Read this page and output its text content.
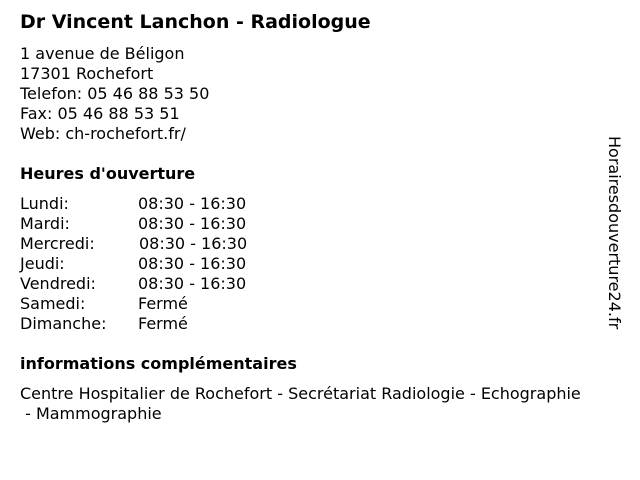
Dr Vincent Lanchon - Radiologue
1 avenue de Béligon
17301 Rochefort
Telefon: 05 46 88 53 50
Fax: 05 46 88 53 51
Web: ch-rochefort.fr/
Heures d'ouverture
Lundi:	08:30 - 16:30
Mardi:	08:30 - 16:30
Mercredi:	08:30 - 16:30
Jeudi:	08:30 - 16:30
Vendredi:	08:30 - 16:30
Samedi:	Fermé
Dimanche:	Fermé
informations complémentaires
Centre Hospitalier de Rochefort - Secrétariat Radiologie - Echographie
- Mammographie
Horairesdouverture24.fr
